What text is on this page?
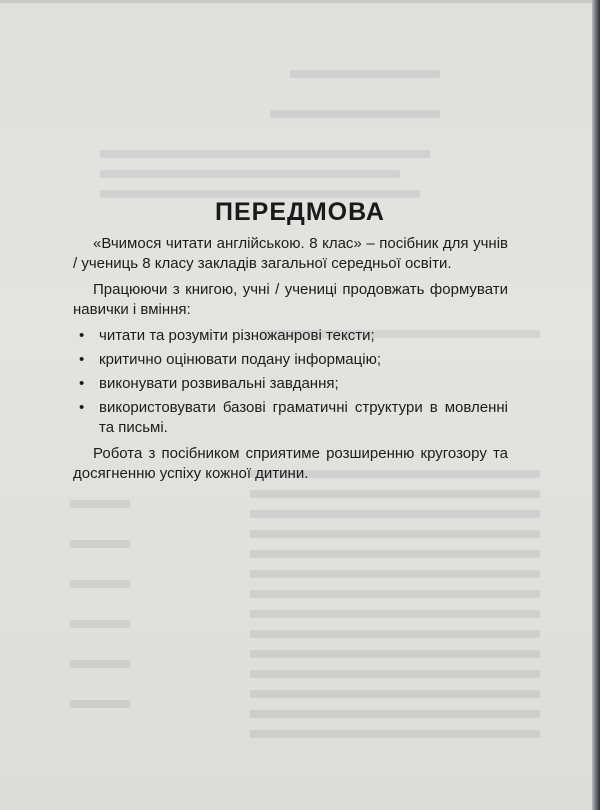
ПЕРЕДМОВА

«Вчимося читати англійською. 8 клас» – посібник для учнів / учениць 8 класу закладів загальної середньої освіти.

Працюючи з книгою, учні / учениці продовжать формувати навички і вміння:

• читати та розуміти різножанрові тексти;
• критично оцінювати подану інформацію;
• виконувати розвивальні завдання;
• використовувати базові граматичні структури в мовленні та письмі.

Робота з посібником сприятиме розширенню кругозору та досягненню успіху кожної дитини.
